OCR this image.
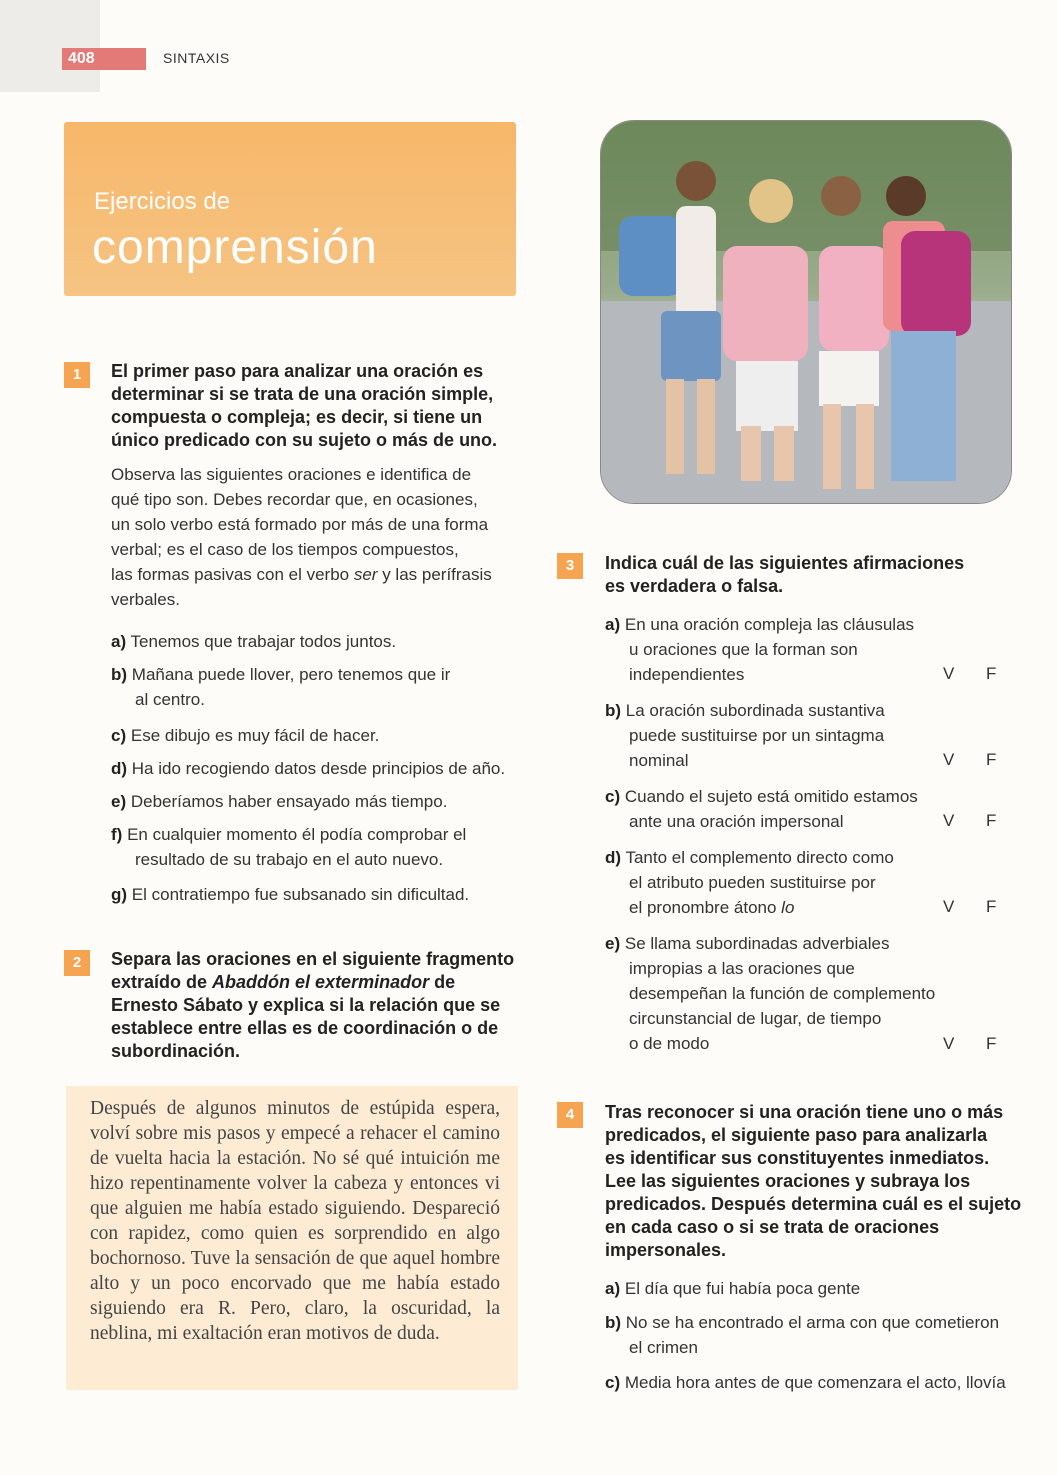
408	SINTAXIS
Ejercicios de
comprensión
1	El primer paso para analizar una oración es
determinar si se trata de una oración simple,
compuesta o compleja; es decir, si tiene un
único predicado con su sujeto o más de uno.
Observa las siguientes oraciones e identifica de
qué tipo son. Debes recordar que, en ocasiones,
un solo verbo está formado por más de una forma
verbal; es el caso de los tiempos compuestos,
las formas pasivas con el verbo ser y las perífrasis
verbales.
a) Tenemos que trabajar todos juntos.
b) Mañana puede llover, pero tenemos que ir
al centro.
c) Ese dibujo es muy fácil de hacer.
d) Ha ido recogiendo datos desde principios de año.
e) Deberíamos haber ensayado más tiempo.
f) En cualquier momento él podía comprobar el
resultado de su trabajo en el auto nuevo.
g) El contratiempo fue subsanado sin dificultad.
2	Separa las oraciones en el siguiente fragmento
extraído de Abaddón el exterminador de
Ernesto Sábato y explica si la relación que se
establece entre ellas es de coordinación o de
subordinación.
Después de algunos minutos de estúpida espera, volví sobre mis pasos y empecé a rehacer el camino de vuelta hacia la estación. No sé qué intuición me hizo repentinamente volver la cabeza y entonces vi que alguien me había estado siguiendo. Despareció con rapidez, como quien es sorprendido en algo bochornoso. Tuve la sensación de que aquel hombre alto y un poco encorvado que me había estado siguiendo era R. Pero, claro, la oscuridad, la neblina, mi exaltación eran motivos de duda.
3	Indica cuál de las siguientes afirmaciones
es verdadera o falsa.
a) En una oración compleja las cláusulas
u oraciones que la forman son
independientes	V F
b) La oración subordinada sustantiva
puede sustituirse por un sintagma
nominal	V F
c) Cuando el sujeto está omitido estamos
ante una oración impersonal	V F
d) Tanto el complemento directo como
el atributo pueden sustituirse por
el pronombre átono lo	V F
e) Se llama subordinadas adverbiales
impropias a las oraciones que
desempeñan la función de complemento
circunstancial de lugar, de tiempo
o de modo	V F
4	Tras reconocer si una oración tiene uno o más
predicados, el siguiente paso para analizarla
es identificar sus constituyentes inmediatos.
Lee las siguientes oraciones y subraya los
predicados. Después determina cuál es el sujeto
en cada caso o si se trata de oraciones
impersonales.
a) El día que fui había poca gente
b) No se ha encontrado el arma con que cometieron
el crimen
c) Media hora antes de que comenzara el acto, llovía
